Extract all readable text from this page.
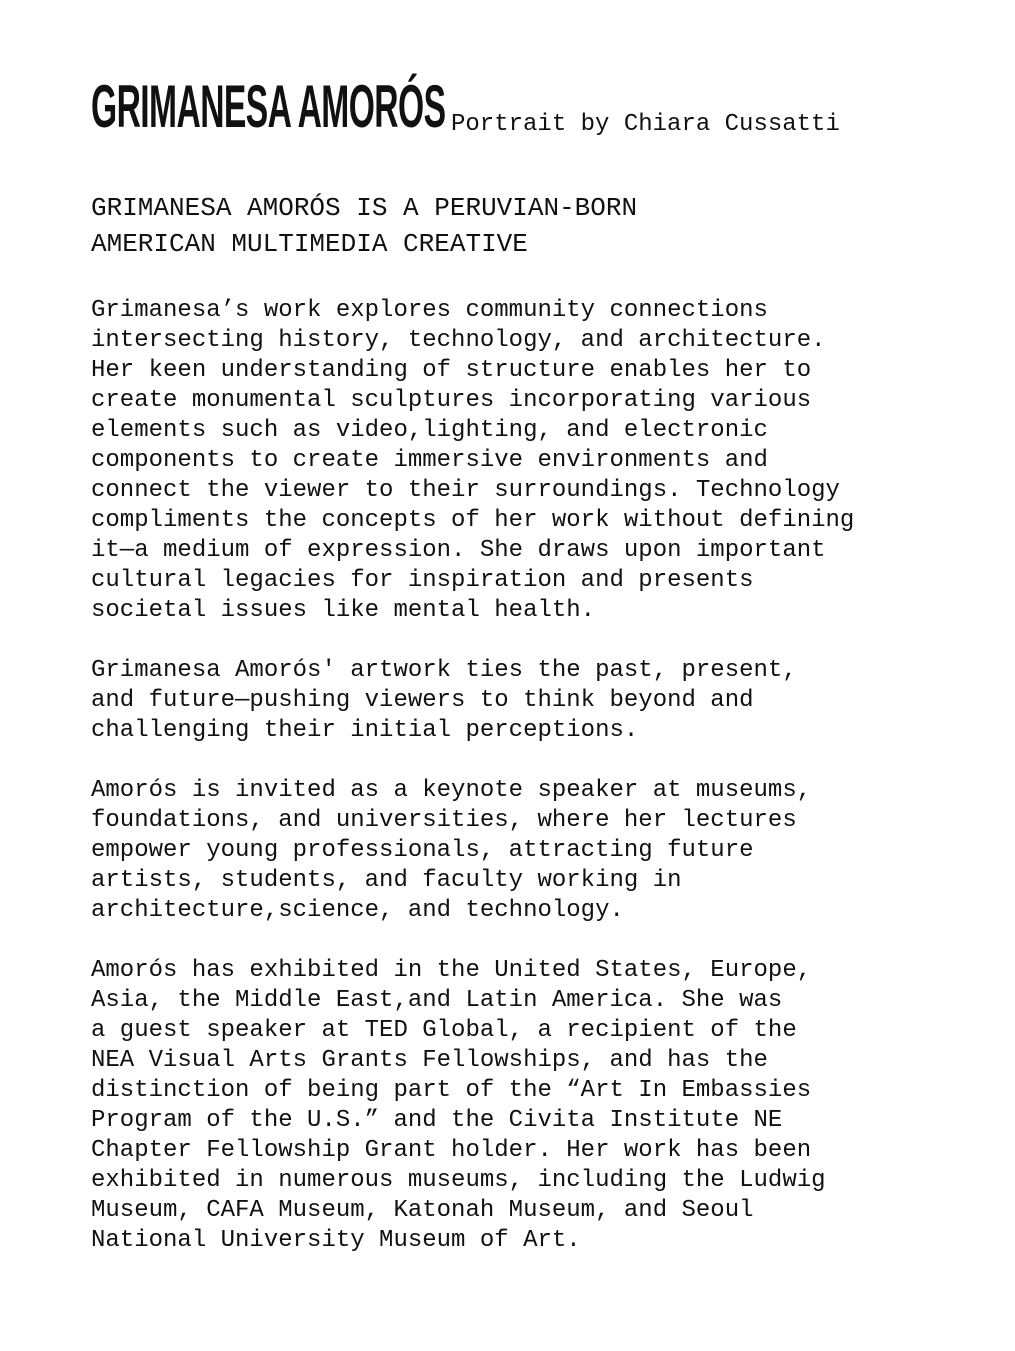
GRIMANESA AMORÓS Portrait by Chiara Cussatti
GRIMANESA AMORÓS IS A PERUVIAN-BORN
AMERICAN MULTIMEDIA CREATIVE

Grimanesa’s work explores community connections
intersecting history, technology, and architecture.
Her keen understanding of structure enables her to
create monumental sculptures incorporating various
elements such as video,lighting, and electronic
components to create immersive environments and
connect the viewer to their surroundings. Technology
compliments the concepts of her work without defining
it—a medium of expression. She draws upon important
cultural legacies for inspiration and presents
societal issues like mental health.

Grimanesa Amorós' artwork ties the past, present,
and future—pushing viewers to think beyond and
challenging their initial perceptions.

Amorós is invited as a keynote speaker at museums,
foundations, and universities, where her lectures
empower young professionals, attracting future
artists, students, and faculty working in
architecture,science, and technology.

Amorós has exhibited in the United States, Europe,
Asia, the Middle East,and Latin America. She was
a guest speaker at TED Global, a recipient of the
NEA Visual Arts Grants Fellowships, and has the
distinction of being part of the “Art In Embassies
Program of the U.S.” and the Civita Institute NE
Chapter Fellowship Grant holder. Her work has been
exhibited in numerous museums, including the Ludwig
Museum, CAFA Museum, Katonah Museum, and Seoul
National University Museum of Art.
